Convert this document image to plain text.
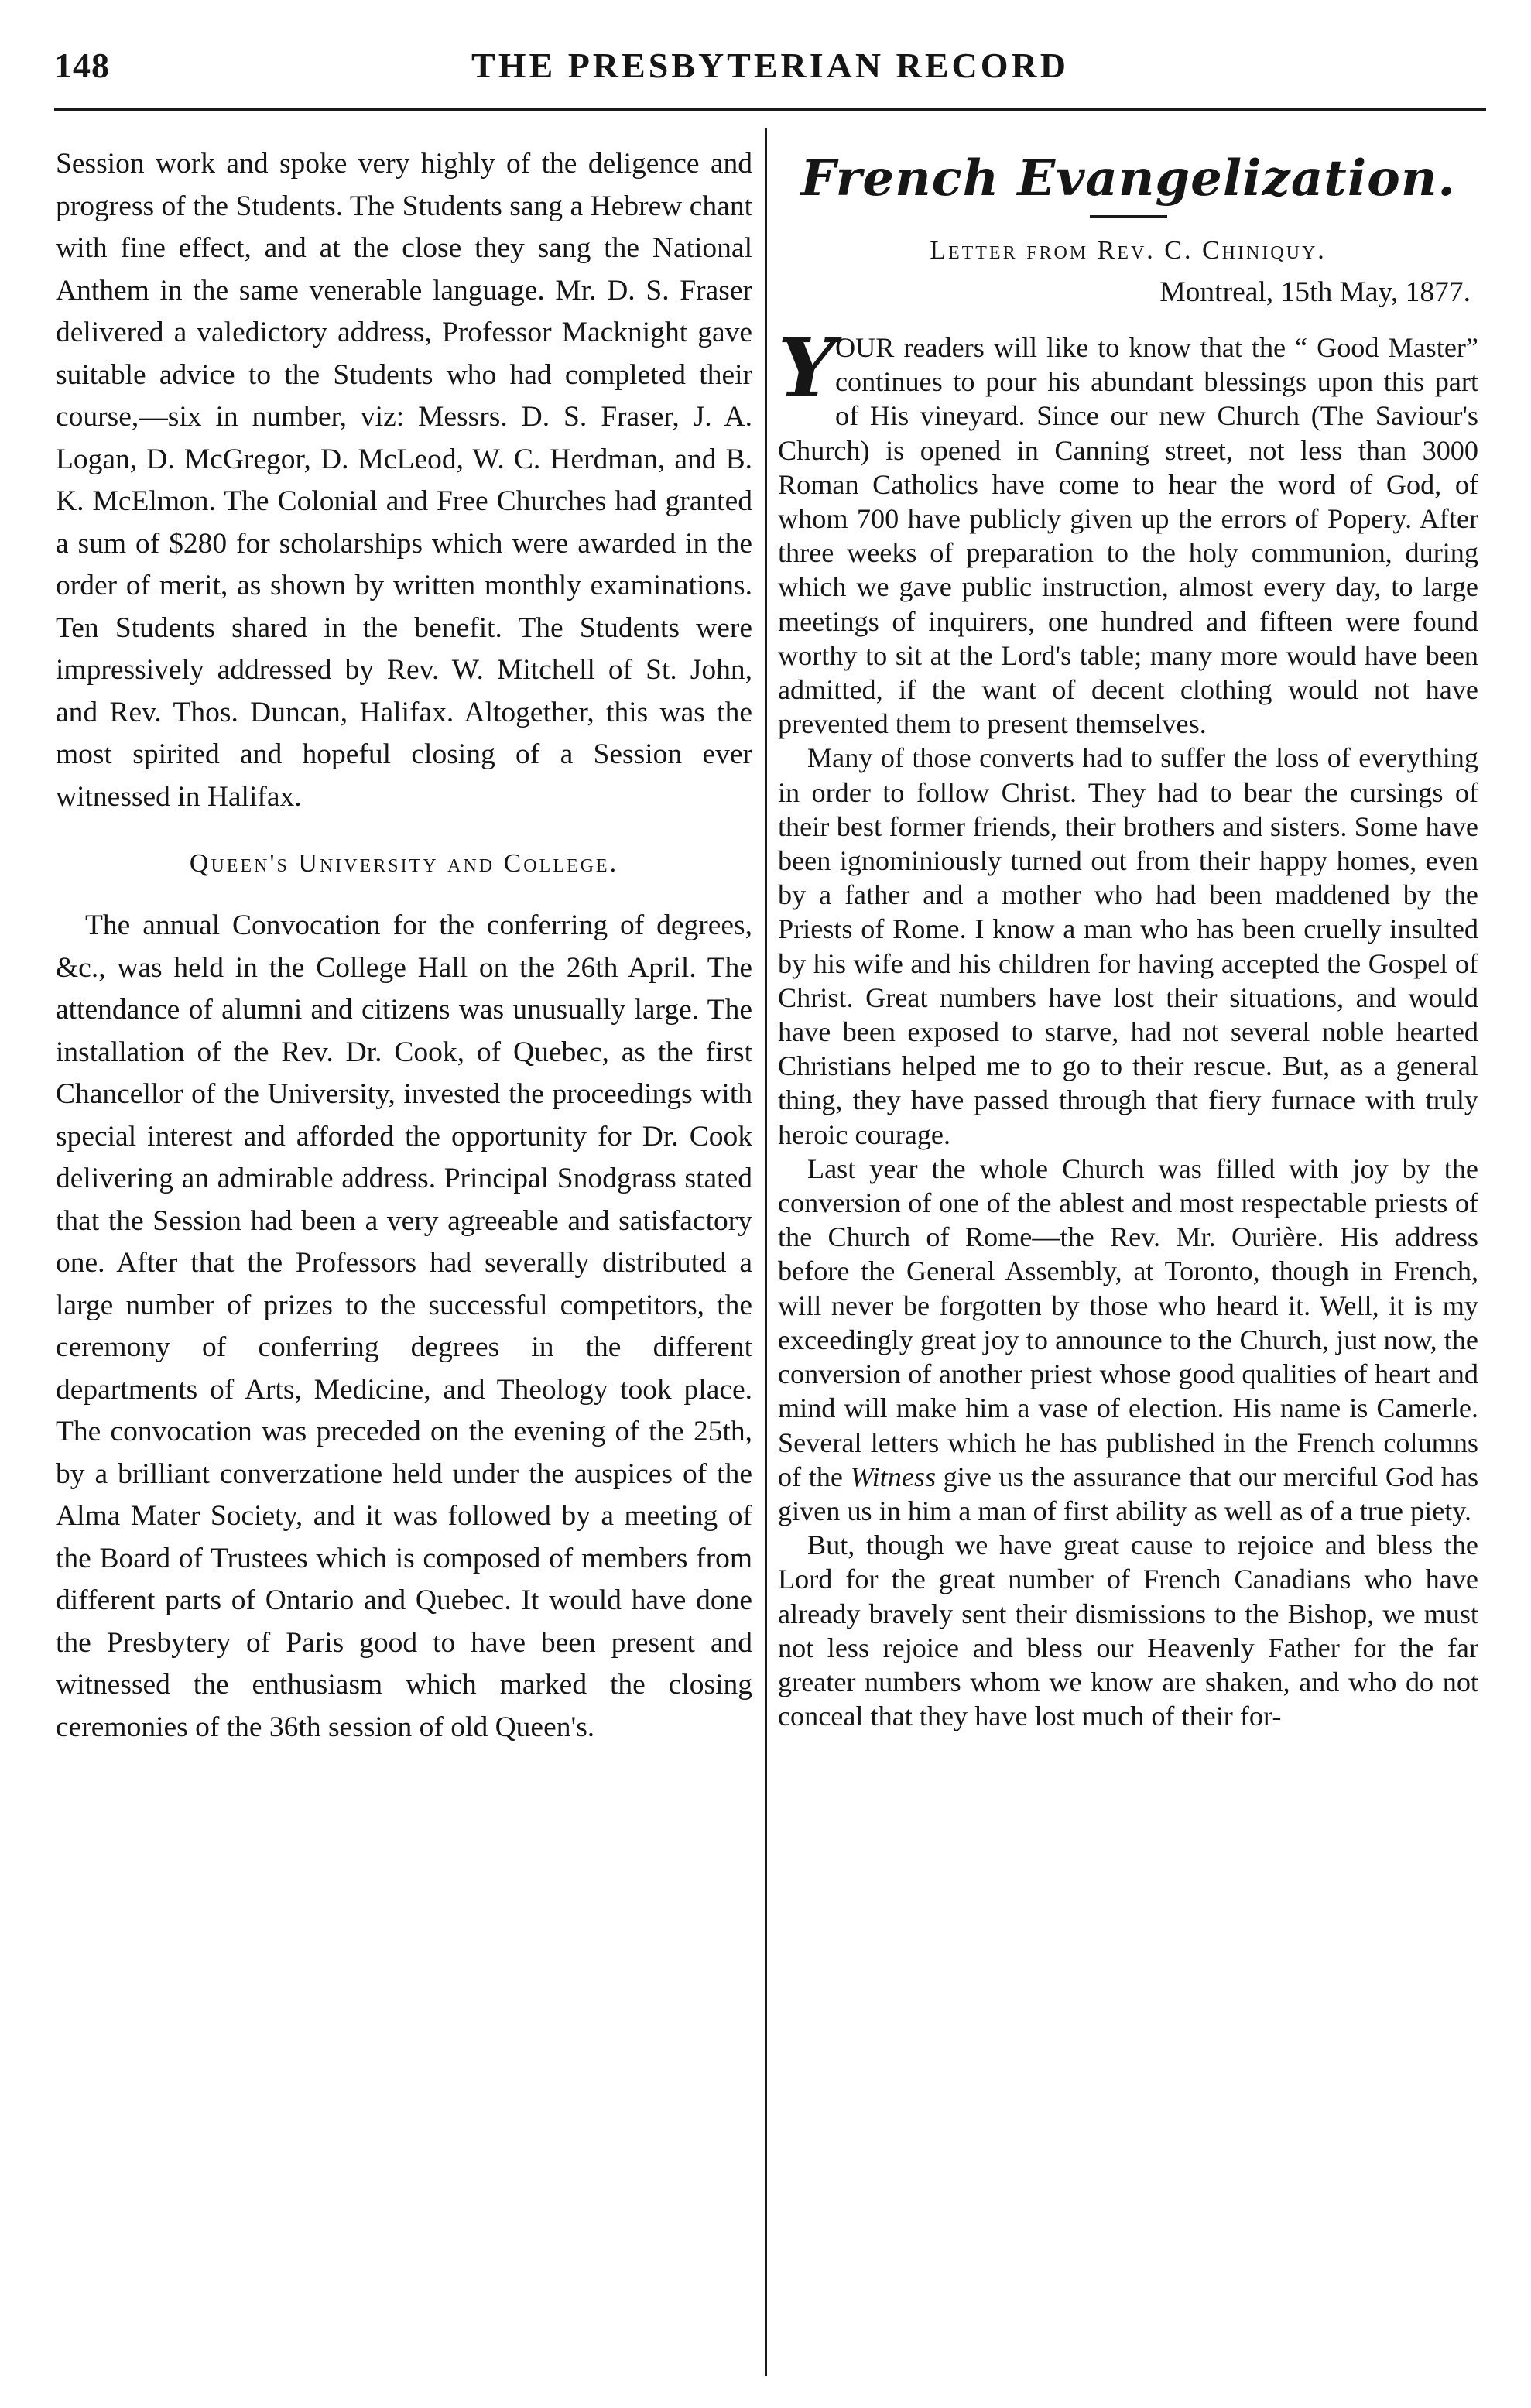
148	THE PRESBYTERIAN RECORD

Session work and spoke very highly of the deligence and progress of the Students. The Students sang a Hebrew chant with fine effect, and at the close they sang the National Anthem in the same venerable language. Mr. D. S. Fraser delivered a valedictory address, Professor Macknight gave suitable advice to the Students who had completed their course,—six in number, viz: Messrs. D. S. Fraser, J. A. Logan, D. McGregor, D. McLeod, W. C. Herdman, and B. K. McElmon. The Colonial and Free Churches had granted a sum of $280 for scholarships which were awarded in the order of merit, as shown by written monthly examinations. Ten Students shared in the benefit. The Students were impressively addressed by Rev. W. Mitchell of St. John, and Rev. Thos. Duncan, Halifax. Altogether, this was the most spirited and hopeful closing of a Session ever witnessed in Halifax.

Queen's University and College.

The annual Convocation for the conferring of degrees, &c., was held in the College Hall on the 26th April. The attendance of alumni and citizens was unusually large. The installation of the Rev. Dr. Cook, of Quebec, as the first Chancellor of the University, invested the proceedings with special interest and afforded the opportunity for Dr. Cook delivering an admirable address. Principal Snodgrass stated that the Session had been a very agreeable and satisfactory one. After that the Professors had severally distributed a large number of prizes to the successful competitors, the ceremony of conferring degrees in the different departments of Arts, Medicine, and Theology took place. The convocation was preceded on the evening of the 25th, by a brilliant converzatione held under the auspices of the Alma Mater Society, and it was followed by a meeting of the Board of Trustees which is composed of members from different parts of Ontario and Quebec. It would have done the Presbytery of Paris good to have been present and witnessed the enthusiasm which marked the closing ceremonies of the 36th session of old Queen's.

French Evangelization.
Letter from Rev. C. Chiniquy.
Montreal, 15th May, 1877.

YOUR readers will like to know that the “ Good Master” continues to pour his abundant blessings upon this part of His vineyard. Since our new Church (The Saviour's Church) is opened in Canning street, not less than 3000 Roman Catholics have come to hear the word of God, of whom 700 have publicly given up the errors of Popery. After three weeks of preparation to the holy communion, during which we gave public instruction, almost every day, to large meetings of inquirers, one hundred and fifteen were found worthy to sit at the Lord's table; many more would have been admitted, if the want of decent clothing would not have prevented them to present themselves.

Many of those converts had to suffer the loss of everything in order to follow Christ. They had to bear the cursings of their best former friends, their brothers and sisters. Some have been ignominiously turned out from their happy homes, even by a father and a mother who had been maddened by the Priests of Rome. I know a man who has been cruelly insulted by his wife and his children for having accepted the Gospel of Christ. Great numbers have lost their situations, and would have been exposed to starve, had not several noble hearted Christians helped me to go to their rescue. But, as a general thing, they have passed through that fiery furnace with truly heroic courage.

Last year the whole Church was filled with joy by the conversion of one of the ablest and most respectable priests of the Church of Rome—the Rev. Mr. Ourière. His address before the General Assembly, at Toronto, though in French, will never be forgotten by those who heard it. Well, it is my exceedingly great joy to announce to the Church, just now, the conversion of another priest whose good qualities of heart and mind will make him a vase of election. His name is Camerle. Several letters which he has published in the French columns of the Witness give us the assurance that our merciful God has given us in him a man of first ability as well as of a true piety.

But, though we have great cause to rejoice and bless the Lord for the great number of French Canadians who have already bravely sent their dismissions to the Bishop, we must not less rejoice and bless our Heavenly Father for the far greater numbers whom we know are shaken, and who do not conceal that they have lost much of their for-
